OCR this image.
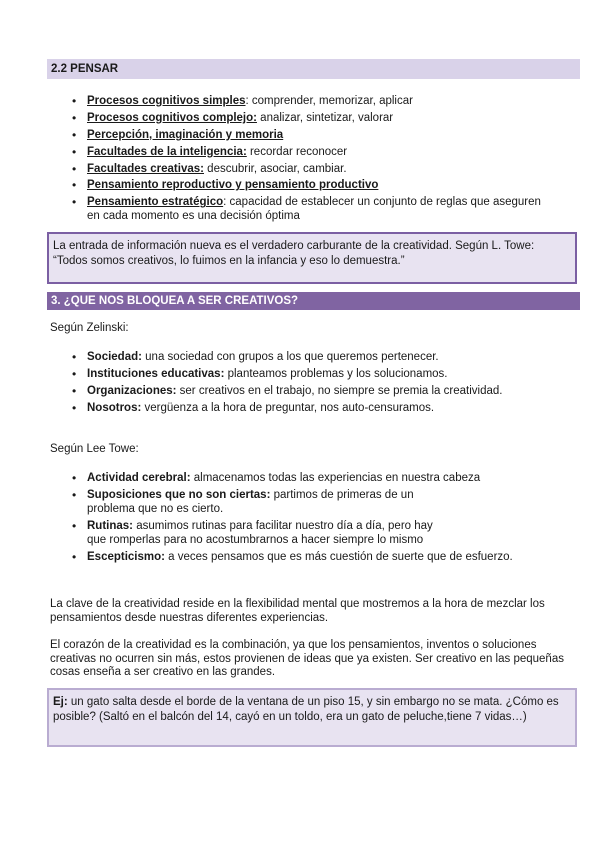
2.2 PENSAR
• Procesos cognitivos simples: comprender, memorizar, aplicar
• Procesos cognitivos complejo: analizar, sintetizar, valorar
• Percepción, imaginación y memoria
• Facultades de la inteligencia: recordar reconocer
• Facultades creativas: descubrir, asociar, cambiar.
• Pensamiento reproductivo y pensamiento productivo
• Pensamiento estratégico: capacidad de establecer un conjunto de reglas que aseguren en cada momento es una decisión óptima
La entrada de información nueva es el verdadero carburante de la creatividad. Según L. Towe: “Todos somos creativos, lo fuimos en la infancia y eso lo demuestra.”
3. ¿QUE NOS BLOQUEA A SER CREATIVOS?
Según Zelinski:
• Sociedad: una sociedad con grupos a los que queremos pertenecer.
• Instituciones educativas: planteamos problemas y los solucionamos.
• Organizaciones: ser creativos en el trabajo, no siempre se premia la creatividad.
• Nosotros: vergüenza a la hora de preguntar, nos auto-censuramos.
Según Lee Towe:
• Actividad cerebral: almacenamos todas las experiencias en nuestra cabeza
• Suposiciones que no son ciertas: partimos de primeras de un problema que no es cierto.
• Rutinas: asumimos rutinas para facilitar nuestro día a día, pero hay que romperlas para no acostumbrarnos a hacer siempre lo mismo
• Escepticismo: a veces pensamos que es más cuestión de suerte que de esfuerzo.
La clave de la creatividad reside en la flexibilidad mental que mostremos a la hora de mezclar los pensamientos desde nuestras diferentes experiencias.
El corazón de la creatividad es la combinación, ya que los pensamientos, inventos o soluciones creativas no ocurren sin más, estos provienen de ideas que ya existen. Ser creativo en las pequeñas cosas enseña a ser creativo en las grandes.
Ej: un gato salta desde el borde de la ventana de un piso 15, y sin embargo no se mata. ¿Cómo es posible? (Saltó en el balcón del 14, cayó en un toldo, era un gato de peluche,tiene 7 vidas…)
